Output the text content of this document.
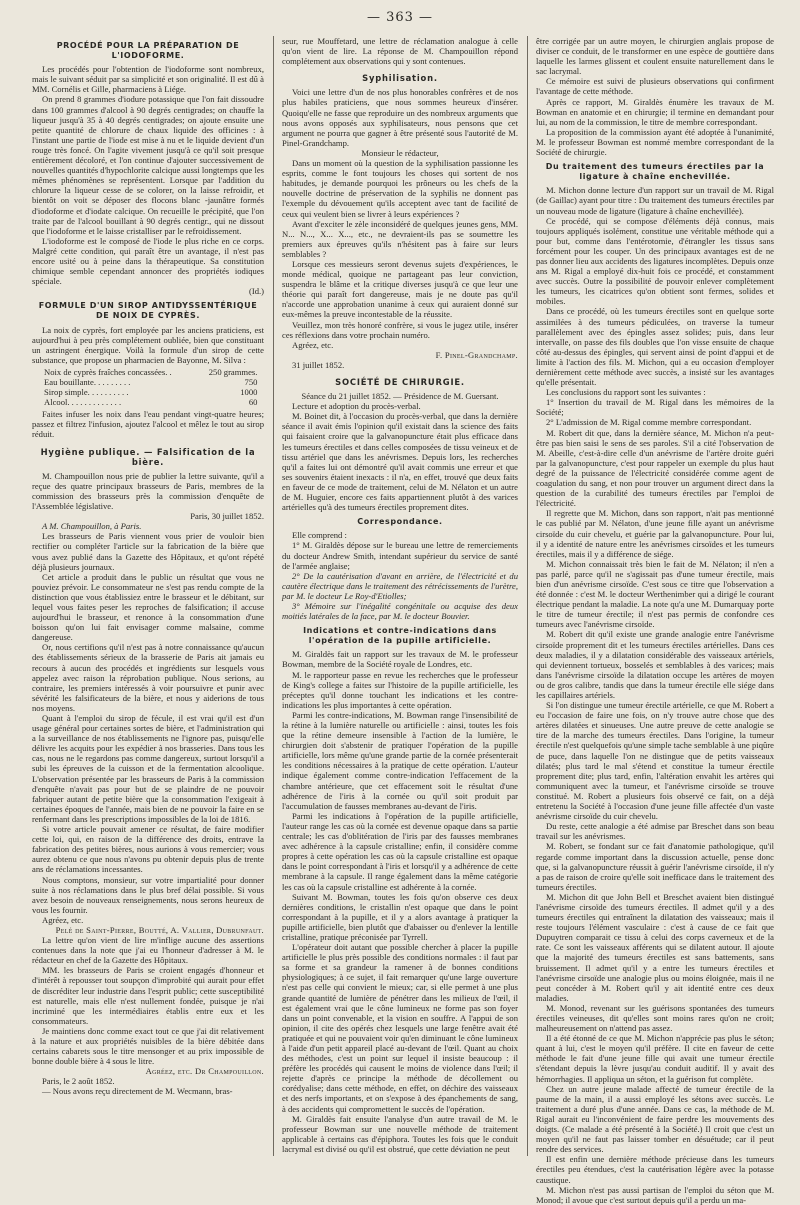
— 363 —
PROCÉDÉ POUR LA PRÉPARATION DE L'IODOFORME.

Les procédés pour l'obtention de l'iodoforme sont nombreux, mais le suivant séduit par sa simplicité et son originalité. Il est dû à MM. Cornélis et Gille, pharmaciens à Liége.

On prend 8 grammes d'iodure potassique que l'on fait dissoudre dans 100 grammes d'alcool à 90 degrés centigrades; on chauffe la liqueur jusqu'à 35 à 40 degrés centigrades; on ajoute ensuite une petite quantité de chlorure de chaux liquide des officines : à l'instant une partie de l'iode est mise à nu et le liquide devient d'un rouge très foncé. On l'agite vivement jusqu'à ce qu'il soit presque entièrement décoloré, et l'on continue d'ajouter successivement de nouvelles quantités d'hypochlorite calcique aussi longtemps que les mêmes phénomènes se représentent. Lorsque par l'addition du chlorure la liqueur cesse de se colorer, on la laisse refroidir, et bientôt on voit se déposer des flocons blanc -jaunâtre formés d'iodoforme et d'iodate calcique. On recueille le précipité, que l'on traite par de l'alcool bouillant à 90 degrés centigr., qui ne dissout que l'iodoforme et le laisse cristalliser par le refroidissement.

L'iodoforme est le composé de l'iode le plus riche en ce corps. Malgré cette condition, qui paraît être un avantage, il n'est pas encore usité ou à peine dans la thérapeutique. Sa constitution chimique semble cependant annoncer des propriétés iodiques spéciale.

(Id.)

FORMULE D'UN SIROP ANTIDYSSENTÉRIQUE DE NOIX DE CYPRÈS.

La noix de cyprès, fort employée par les anciens praticiens, est aujourd'hui à peu près complétement oubliée, bien que constituant un astringent énergique. Voilà la formule d'un sirop de cette substance, que propose un pharmacien de Bayonne, M. Silva :

Noix de cyprès fraîches concassées. .	250 grammes.
Eau bouillante. . . . . . . . .	750
Sirop simple. . . . . . . . . .	1000
Alcool. . . . . . . . . . . . .	60

Faites infuser les noix dans l'eau pendant vingt-quatre heures; passez et filtrez l'infusion, ajoutez l'alcool et mêlez le tout au sirop réduit.

Hygiène publique. — Falsification de la bière.

M. Champouillon nous prie de publier la lettre suivante, qu'il a reçue des quatre principaux brasseurs de Paris, membres de la commission des brasseurs près la commission d'enquête de l'Assemblée législative.

Paris, 30 juillet 1852.

A M. Champouillon, à Paris.

Les brasseurs de Paris viennent vous prier de vouloir bien rectifier ou compléter l'article sur la fabrication de la bière que vous avez publié dans la Gazette des Hôpitaux, et qu'ont répété déjà plusieurs journaux.

Cet article a produit dans le public un résultat que vous ne pouviez prévoir. Le consommateur ne s'est pas rendu compte de la distinction que vous établissiez entre le brasseur et le débitant, sur lequel vous faites peser les reproches de falsification; il accuse aujourd'hui le brasseur, et renonce à la consommation d'une boisson qu'on lui fait envisager comme malsaine, comme dangereuse.

Or, nous certifions qu'il n'est pas à notre connaissance qu'aucun des établissements sérieux de la brasserie de Paris ait jamais eu recours à aucun des procédés et ingrédients sur lesquels vous appelez avec raison la réprobation publique. Nous serions, au contraire, les premiers intéressés à voir poursuivre et punir avec sévérité les falsificateurs de la bière, et nous y aiderions de tous nos moyens.

Quant à l'emploi du sirop de fécule, il est vrai qu'il est d'un usage général pour certaines sortes de bière, et l'administration qui a la surveillance de nos établissements ne l'ignore pas, puisqu'elle délivre les acquits pour les expédier à nos brasseries. Dans tous les cas, nous ne le regardons pas comme dangereux, surtout lorsqu'il a subi les épreuves de la cuisson et de la fermentation alcoolique. L'observation présentée par les brasseurs de Paris à la commission d'enquête n'avait pas pour but de se plaindre de ne pouvoir fabriquer autant de petite bière que la consommation l'exigeait à certaines époques de l'année, mais bien de ne pouvoir la faire en se renfermant dans les prescriptions impossibles de la loi de 1816.

Si votre article pouvait amener ce résultat, de faire modifier cette loi, qui, en raison de la différence des droits, entrave la fabrication des petites bières, nous aurions à vous remercier; vous aurez obtenu ce que nous n'avons pu obtenir depuis plus de trente ans de réclamations incessantes.

Nous comptons, monsieur, sur votre impartialité pour donner suite à nos réclamations dans le plus bref délai possible. Si vous avez besoin de nouveaux renseignements, nous serons heureux de vous les fournir.

Agréez, etc.

Pelé de Saint-Pierre, Boutté, A. Vallier, Dubrunfaut.

La lettre qu'on vient de lire m'inflige aucune des assertions contenues dans la note que j'ai eu l'honneur d'adresser à M. le rédacteur en chef de la Gazette des Hôpitaux.

MM. les brasseurs de Paris se croient engagés d'honneur et d'intérêt à repousser tout soupçon d'improbité qui aurait pour effet de discréditer leur industrie dans l'esprit public; cette susceptibilité est naturelle, mais elle n'est nullement fondée, puisque je n'ai incriminé que les intermédiaires établis entre eux et les consommateurs.

Je maintiens donc comme exact tout ce que j'ai dit relativement à la nature et aux propriétés nuisibles de la bière débitée dans certains cabarets sous le titre mensonger et au prix impossible de bonne double bière à 4 sous le litre.

Agréez, etc. Dr Champouillon.

Paris, le 2 août 1852.

— Nous avons reçu directement de M. Wecmann, bras-

seur, rue Mouffetard, une lettre de réclamation analogue à celle qu'on vient de lire. La réponse de M. Champouillon répond complétement aux observations qui y sont contenues.

Syphilisation.

Voici une lettre d'un de nos plus honorables confrères et de nos plus habiles praticiens, que nous sommes heureux d'insérer. Quoiqu'elle ne fasse que reproduire un des nombreux arguments que nous avons opposés aux syphilisateurs, nous pensons que cet argument ne pourra que gagner à être présenté sous l'autorité de M. Pinel-Grandchamp.

Monsieur le rédacteur,

Dans un moment où la question de la syphilisation passionne les esprits, comme le font toujours les choses qui sortent de nos habitudes, je demande pourquoi les prôneurs ou les chefs de la nouvelle doctrine de préservation de la syphilis ne donnent pas l'exemple du dévouement qu'ils acceptent avec tant de facilité de ceux qui veulent bien se livrer à leurs expériences ?

Avant d'exciter le zèle inconsidéré de quelques jeunes gens, MM. N... N..., X... X..., etc., ne devraient-ils pas se soumettre les premiers aux épreuves qu'ils n'hésitent pas à faire sur leurs semblables ?

Lorsque ces messieurs seront devenus sujets d'expériences, le monde médical, quoique ne partageant pas leur conviction, suspendra le blâme et la critique diverses jusqu'à ce que leur une théorie qui paraît fort dangereuse, mais je ne doute pas qu'il n'accorde une approbation unanime à ceux qui auraient donné sur eux-mêmes la preuve incontestable de la réussite.

Veuillez, mon très honoré confrère, si vous le jugez utile, insérer ces réflexions dans votre prochain numéro.

Agréez, etc.

F. Pinel-Grandchamp.

31 juillet 1852.

SOCIÉTÉ DE CHIRURGIE.

Séance du 21 juillet 1852. — Présidence de M. Guersant.

Lecture et adoption du procès-verbal.

M. Boinet dit, à l'occasion du procès-verbal, que dans la dernière séance il avait émis l'opinion qu'il existait dans la science des faits qui faisaient croire que la galvanopuncture était plus efficace dans les tumeurs érectiles et dans celles composées de tissu veineux et de tissu artériel que dans les anévrismes. Depuis lors, les recherches qu'il a faites lui ont démontré qu'il avait commis une erreur et que ses souvenirs étaient inexacts : il n'a, en effet, trouvé que deux faits en faveur de ce mode de traitement, celui de M. Nélaton et un autre de M. Huguier, encore ces faits appartiennent plutôt à des varices artérielles qu'à des tumeurs érectiles proprement dites.

Correspondance.

Elle comprend :

1° M. Giraldès dépose sur le bureau une lettre de remerciements du docteur Andrew Smith, intendant supérieur du service de santé de l'armée anglaise;

2° De la cautérisation d'avant en arrière, de l'électricité et du cautère électrique dans le traitement des rétrécissements de l'urètre, par M. le docteur Le Roy-d'Etiolles;

3° Mémoire sur l'inégalité congénitale ou acquise des deux moitiés latérales de la face, par M. le docteur Bouvier.

Indications et contre-indications dans l'opération de la pupille artificielle.

M. Giraldès fait un rapport sur les travaux de M. le professeur Bowman, membre de la Société royale de Londres, etc.

M. le rapporteur passe en revue les recherches que le professeur de King's college a faites sur l'histoire de la pupille artificielle, les préceptes qu'il donne touchant les indications et les contre-indications les plus importantes à cette opération.

Parmi les contre-indications, M. Bowman range l'insensibilité de la rétine à la lumière naturelle ou artificielle : ainsi, toutes les fois que la rétine demeure insensible à l'action de la lumière, le chirurgien doit s'abstenir de pratiquer l'opération de la pupille artificielle, lors même qu'une grande partie de la cornée présenterait les conditions nécessaires à la pratique de cette opération. L'auteur indique également comme contre-indication l'effacement de la chambre antérieure, que cet effacement soit le résultat d'une adhérence de l'iris à la cornée ou qu'il soit produit par l'accumulation de fausses membranes au-devant de l'iris.

Parmi les indications à l'opération de la pupille artificielle, l'auteur range les cas où la cornée est devenue opaque dans sa partie centrale; les cas d'oblitération de l'iris par des fausses membranes avec adhérence à la capsule cristalline; enfin, il considère comme propres à cette opération les cas où la capsule cristalline est opaque dans le point correspondant à l'iris et lorsqu'il y a adhérence de cette membrane à la capsule. Il range également dans la même catégorie les cas où la capsule cristalline est adhérente à la cornée.

Suivant M. Bowman, toutes les fois qu'on observe ces deux dernières conditions, le cristallin n'est opaque que dans le point correspondant à la pupille, et il y a alors avantage à pratiquer la pupille artificielle, bien plutôt que d'abaisser ou d'enlever la lentille cristalline, pratique préconisée par Tyrrell.

L'opérateur doit autant que possible chercher à placer la pupille artificielle le plus près possible des conditions normales : il faut par sa forme et sa grandeur la ramener à de bonnes conditions physiologiques; à ce sujet, il fait remarquer qu'une large ouverture n'est pas celle qui convient le mieux; car, si elle permet à une plus grande quantité de lumière de pénétrer dans les milieux de l'œil, il est également vrai que le cône lumineux ne forme pas son foyer dans un point convenable, et la vision en souffre. A l'appui de son opinion, il cite des opérés chez lesquels une large fenêtre avait été pratiquée et qui ne pouvaient voir qu'en diminuant le cône lumineux à l'aide d'un petit appareil placé au-devant de l'œil. Quant au choix des méthodes, c'est un point sur lequel il insiste beaucoup : il préfère les procédés qui causent le moins de violence dans l'œil; il rejette d'après ce principe la méthode de décollement ou corédyalise; dans cette méthode, en effet, on déchire des vaisseaux et des nerfs importants, et on s'expose à des épanchements de sang, à des accidents qui compromettent le succès de l'opération.

M. Giraldès fait ensuite l'analyse d'un autre travail de M. le professeur Bowman sur une nouvelle méthode de traitement applicable à certains cas d'épiphora. Toutes les fois que le conduit lacrymal est divisé ou qu'il est obstrué, que cette déviation ne peut

être corrigée par un autre moyen, le chirurgien anglais propose de diviser ce conduit, de le transformer en une espèce de gouttière dans laquelle les larmes glissent et coulent ensuite naturellement dans le sac lacrymal.

Ce mémoire est suivi de plusieurs observations qui confirment l'avantage de cette méthode.

Après ce rapport, M. Giraldès énumère les travaux de M. Bowman en anatomie et en chirurgie; il termine en demandant pour lui, au nom de la commission, le titre de membre correspondant.

La proposition de la commission ayant été adoptée à l'unanimité, M. le professeur Bowman est nommé membre correspondant de la Société de chirurgie.

Du traitement des tumeurs érectiles par la ligature à chaîne enchevillée.

M. Michon donne lecture d'un rapport sur un travail de M. Rigal (de Gaillac) ayant pour titre : Du traitement des tumeurs érectiles par un nouveau mode de ligature (ligature à chaîne enchevillée).

Ce procédé, qui se compose d'éléments déjà connus, mais toujours appliqués isolément, constitue une véritable méthode qui a pour but, comme dans l'entérotomie, d'étrangler les tissus sans forcément pour les couper. Un des principaux avantages est de ne pas donner lieu aux accidents des ligatures incomplètes. Depuis onze ans M. Rigal a employé dix-huit fois ce procédé, et constamment avec succès. Outre la possibilité de pouvoir enlever complètement les tumeurs, les cicatrices qu'on obtient sont fermes, solides et mobiles.

Dans ce procédé, où les tumeurs érectiles sont en quelque sorte assimilées à des tumeurs pédiculées, on traverse la tumeur parallèlement avec des épingles assez solides; puis, dans leur intervalle, on passe des fils doubles que l'on visse ensuite de chaque côté au-dessus des épingles, qui servent ainsi de point d'appui et de limite à l'action des fils. M. Michon, qui a eu occasion d'employer dernièrement cette méthode avec succès, a insisté sur les avantages qu'elle présentait.

Les conclusions du rapport sont les suivantes :

1° Insertion du travail de M. Rigal dans les mémoires de la Société;

2° L'admission de M. Rigal comme membre correspondant.

M. Robert dit que, dans la dernière séance, M. Michon n'a peut-être pas bien saisi le sens de ses paroles. S'il a cité l'observation de M. Abeille, c'est-à-dire celle d'un anévrisme de l'artère droite guéri par la galvanopuncture, c'est pour rappeler un exemple du plus haut degré de la puissance de l'électricité considérée comme agent de coagulation du sang, et non pour trouver un argument direct dans la question de la curabilité des tumeurs érectiles par l'emploi de l'électricité.

Il regrette que M. Michon, dans son rapport, n'ait pas mentionné le cas publié par M. Nélaton, d'une jeune fille ayant un anévrisme cirsoïde du cuir chevelu, et guérie par la galvanopuncture. Pour lui, il y a identité de nature entre les anévrismes cirsoïdes et les tumeurs érectiles, mais il y a différence de siége.

M. Michon connaissait très bien le fait de M. Nélaton; il n'en a pas parlé, parce qu'il ne s'agissait pas d'une tumeur érectile, mais bien d'un anévrisme cirsoïde. C'est sous ce titre que l'observation a été donnée : c'est M. le docteur Werthenimber qui a dirigé le courant électrique pendant la maladie. La note qu'a une M. Dumarquay porte le titre de tumeur érectile; il n'est pas permis de confondre ces tumeurs avec l'anévrisme cirsoïde.

M. Robert dit qu'il existe une grande analogie entre l'anévrisme cirsoïde proprement dit et les tumeurs érectiles artérielles. Dans ces deux maladies, il y a dilatation considérable des vaisseaux artériels, qui deviennent tortueux, bosselés et semblables à des varices; mais dans l'anévrisme cirsoïde la dilatation occupe les artères de moyen ou de gros calibre, tandis que dans la tumeur érectile elle siége dans les capillaires artériels.

Si l'on distingue une tumeur érectile artérielle, ce que M. Robert a eu l'occasion de faire une fois, on n'y trouve autre chose que des artères dilatées et sinueuses. Une autre preuve de cette analogie se tire de la marche des tumeurs érectiles. Dans l'origine, la tumeur érectile n'est quelquefois qu'une simple tache semblable à une piqûre de puce, dans laquelle l'on ne distingue que de petits vaisseaux dilatés; plus tard le mal s'étend et constitue la tumeur érectile proprement dite; plus tard, enfin, l'altération envahit les artères qui communiquent avec la tumeur, et l'anévrisme cirsoïde se trouve constitué. M. Robert a plusieurs fois observé ce fait, on a déjà entretenu la Société à l'occasion d'une jeune fille affectée d'un vaste anévrisme cirsoïde du cuir chevelu.

Du reste, cette analogie a été admise par Breschet dans son beau travail sur les anévrismes.

M. Robert, se fondant sur ce fait d'anatomie pathologique, qu'il regarde comme important dans la discussion actuelle, pense donc que, si la galvanopuncture réussit à guérir l'anévrisme cirsoïde, il n'y a pas de raison de croire qu'elle soit inefficace dans le traitement des tumeurs érectiles.

M. Michon dit que John Bell et Breschet avaient bien distingué l'anévrisme cirsoïde des tumeurs érectiles. Il admet qu'il y a des tumeurs érectiles qui entraînent la dilatation des vaisseaux; mais il reste toujours l'élément vasculaire : c'est à cause de ce fait que Dupuytren comparait ce tissu à celui des corps caverneux et de la rate. Ce sont les vaisseaux afférents qui se dilatent autour. Il ajoute que la majorité des tumeurs érectiles est sans battements, sans bruissement. Il admet qu'il y a entre les tumeurs érectiles et l'anévrisme cirsoïde une analogie plus ou moins éloignée, mais il ne peut concéder à M. Robert qu'il y ait identité entre ces deux maladies.

M. Monod, revenant sur les guérisons spontanées des tumeurs érectiles veineuses, dit qu'elles sont moins rares qu'on ne croit; malheureusement on n'attend pas assez.

Il a été étonné de ce que M. Michon n'apprécie pas plus le séton; quant à lui, c'est le moyen qu'il préfère. Il cite en faveur de cette méthode le fait d'une jeune fille qui avait une tumeur érectile s'étendant depuis la lèvre jusqu'au conduit auditif. Il y avait des hémorrhagies. Il appliqua un séton, et la guérison fut complète.

Chez un autre jeune malade affecté de tumeur érectile de la paume de la main, il a aussi employé les sétons avec succès. Le traitement a duré plus d'une année. Dans ce cas, la méthode de M. Rigal aurait eu l'inconvénient de faire perdre les mouvements des doigts. (Ce malade a été présenté à la Société.) Il croit que c'est un moyen qu'il ne faut pas laisser tomber en désuétude; car il peut rendre des services.

Il est enfin une dernière méthode précieuse dans les tumeurs érectiles peu étendues, c'est la cautérisation légère avec la potasse caustique.

M. Michon n'est pas aussi partisan de l'emploi du séton que M. Monod; il avoue que c'est surtout depuis qu'il a perdu un ma-
